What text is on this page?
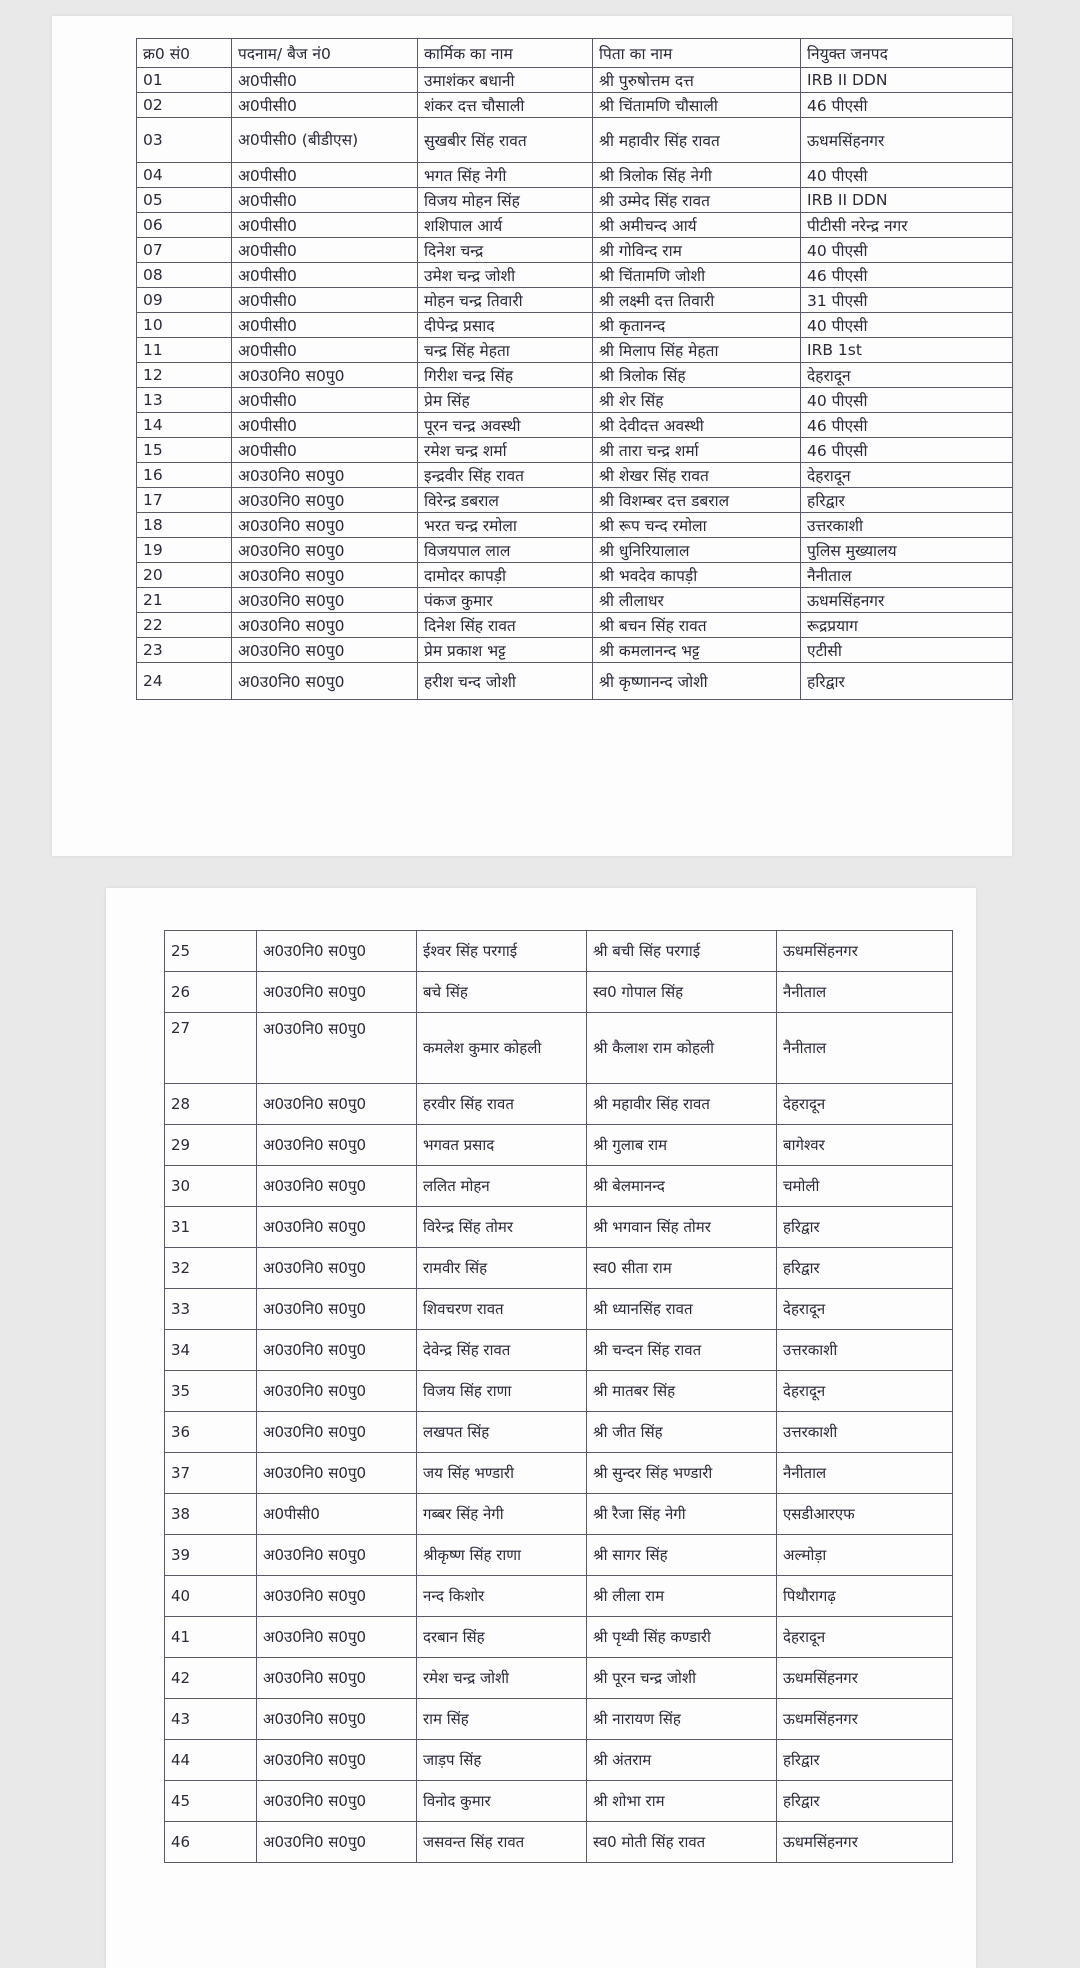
क्र0 सं0	पदनाम/ बैज नं0	कार्मिक का नाम	पिता का नाम	नियुक्त जनपद
01	अ0पीसी0	उमाशंकर बधानी	श्री पुरुषोत्तम दत्त	IRB II DDN
02	अ0पीसी0	शंकर दत्त चौसाली	श्री चिंतामणि चौसाली	46 पीएसी
03	अ0पीसी0 (बीडीएस)	सुखबीर सिंह रावत	श्री महावीर सिंह रावत	ऊधमसिंहनगर
04	अ0पीसी0	भगत सिंह नेगी	श्री त्रिलोक सिंह नेगी	40 पीएसी
05	अ0पीसी0	विजय मोहन सिंह	श्री उम्मेद सिंह रावत	IRB II DDN
06	अ0पीसी0	शशिपाल आर्य	श्री अमीचन्द आर्य	पीटीसी नरेन्द्र नगर
07	अ0पीसी0	दिनेश चन्द्र	श्री गोविन्द राम	40 पीएसी
08	अ0पीसी0	उमेश चन्द्र जोशी	श्री चिंतामणि जोशी	46 पीएसी
09	अ0पीसी0	मोहन चन्द्र तिवारी	श्री लक्ष्मी दत्त तिवारी	31 पीएसी
10	अ0पीसी0	दीपेन्द्र प्रसाद	श्री कृतानन्द	40 पीएसी
11	अ0पीसी0	चन्द्र सिंह मेहता	श्री मिलाप सिंह मेहता	IRB 1st
12	अ0उ0नि0 स0पु0	गिरीश चन्द्र सिंह	श्री त्रिलोक सिंह	देहरादून
13	अ0पीसी0	प्रेम सिंह	श्री शेर सिंह	40 पीएसी
14	अ0पीसी0	पूरन चन्द्र अवस्थी	श्री देवीदत्त अवस्थी	46 पीएसी
15	अ0पीसी0	रमेश चन्द्र शर्मा	श्री तारा चन्द्र शर्मा	46 पीएसी
16	अ0उ0नि0 स0पु0	इन्द्रवीर सिंह रावत	श्री शेखर सिंह रावत	देहरादून
17	अ0उ0नि0 स0पु0	विरेन्द्र डबराल	श्री विशम्बर दत्त डबराल	हरिद्वार
18	अ0उ0नि0 स0पु0	भरत चन्द्र रमोला	श्री रूप चन्द रमोला	उत्तरकाशी
19	अ0उ0नि0 स0पु0	विजयपाल लाल	श्री धुनिरियालाल	पुलिस मुख्यालय
20	अ0उ0नि0 स0पु0	दामोदर कापड़ी	श्री भवदेव कापड़ी	नैनीताल
21	अ0उ0नि0 स0पु0	पंकज कुमार	श्री लीलाधर	ऊधमसिंहनगर
22	अ0उ0नि0 स0पु0	दिनेश सिंह रावत	श्री बचन सिंह रावत	रूद्रप्रयाग
23	अ0उ0नि0 स0पु0	प्रेम प्रकाश भट्ट	श्री कमलानन्द भट्ट	एटीसी
24	अ0उ0नि0 स0पु0	हरीश चन्द जोशी	श्री कृष्णानन्द जोशी	हरिद्वार
25	अ0उ0नि0 स0पु0	ईश्वर सिंह परगाई	श्री बची सिंह परगाई	ऊधमसिंहनगर
26	अ0उ0नि0 स0पु0	बचे सिंह	स्व0 गोपाल सिंह	नैनीताल
27	अ0उ0नि0 स0पु0	कमलेश कुमार कोहली	श्री कैलाश राम कोहली	नैनीताल
28	अ0उ0नि0 स0पु0	हरवीर सिंह रावत	श्री महावीर सिंह रावत	देहरादून
29	अ0उ0नि0 स0पु0	भगवत प्रसाद	श्री गुलाब राम	बागेश्वर
30	अ0उ0नि0 स0पु0	ललित मोहन	श्री बेलमानन्द	चमोली
31	अ0उ0नि0 स0पु0	विरेन्द्र सिंह तोमर	श्री भगवान सिंह तोमर	हरिद्वार
32	अ0उ0नि0 स0पु0	रामवीर सिंह	स्व0 सीता राम	हरिद्वार
33	अ0उ0नि0 स0पु0	शिवचरण रावत	श्री ध्यानसिंह रावत	देहरादून
34	अ0उ0नि0 स0पु0	देवेन्द्र सिंह रावत	श्री चन्दन सिंह रावत	उत्तरकाशी
35	अ0उ0नि0 स0पु0	विजय सिंह राणा	श्री मातबर सिंह	देहरादून
36	अ0उ0नि0 स0पु0	लखपत सिंह	श्री जीत सिंह	उत्तरकाशी
37	अ0उ0नि0 स0पु0	जय सिंह भण्डारी	श्री सुन्दर सिंह भण्डारी	नैनीताल
38	अ0पीसी0	गब्बर सिंह नेगी	श्री रैजा सिंह नेगी	एसडीआरएफ
39	अ0उ0नि0 स0पु0	श्रीकृष्ण सिंह राणा	श्री सागर सिंह	अल्मोड़ा
40	अ0उ0नि0 स0पु0	नन्द किशोर	श्री लीला राम	पिथौरागढ़
41	अ0उ0नि0 स0पु0	दरबान सिंह	श्री पृथ्वी सिंह कण्डारी	देहरादून
42	अ0उ0नि0 स0पु0	रमेश चन्द्र जोशी	श्री पूरन चन्द्र जोशी	ऊधमसिंहनगर
43	अ0उ0नि0 स0पु0	राम सिंह	श्री नारायण सिंह	ऊधमसिंहनगर
44	अ0उ0नि0 स0पु0	जाड़प सिंह	श्री अंतराम	हरिद्वार
45	अ0उ0नि0 स0पु0	विनोद कुमार	श्री शोभा राम	हरिद्वार
46	अ0उ0नि0 स0पु0	जसवन्त सिंह रावत	स्व0 मोती सिंह रावत	ऊधमसिंहनगर
